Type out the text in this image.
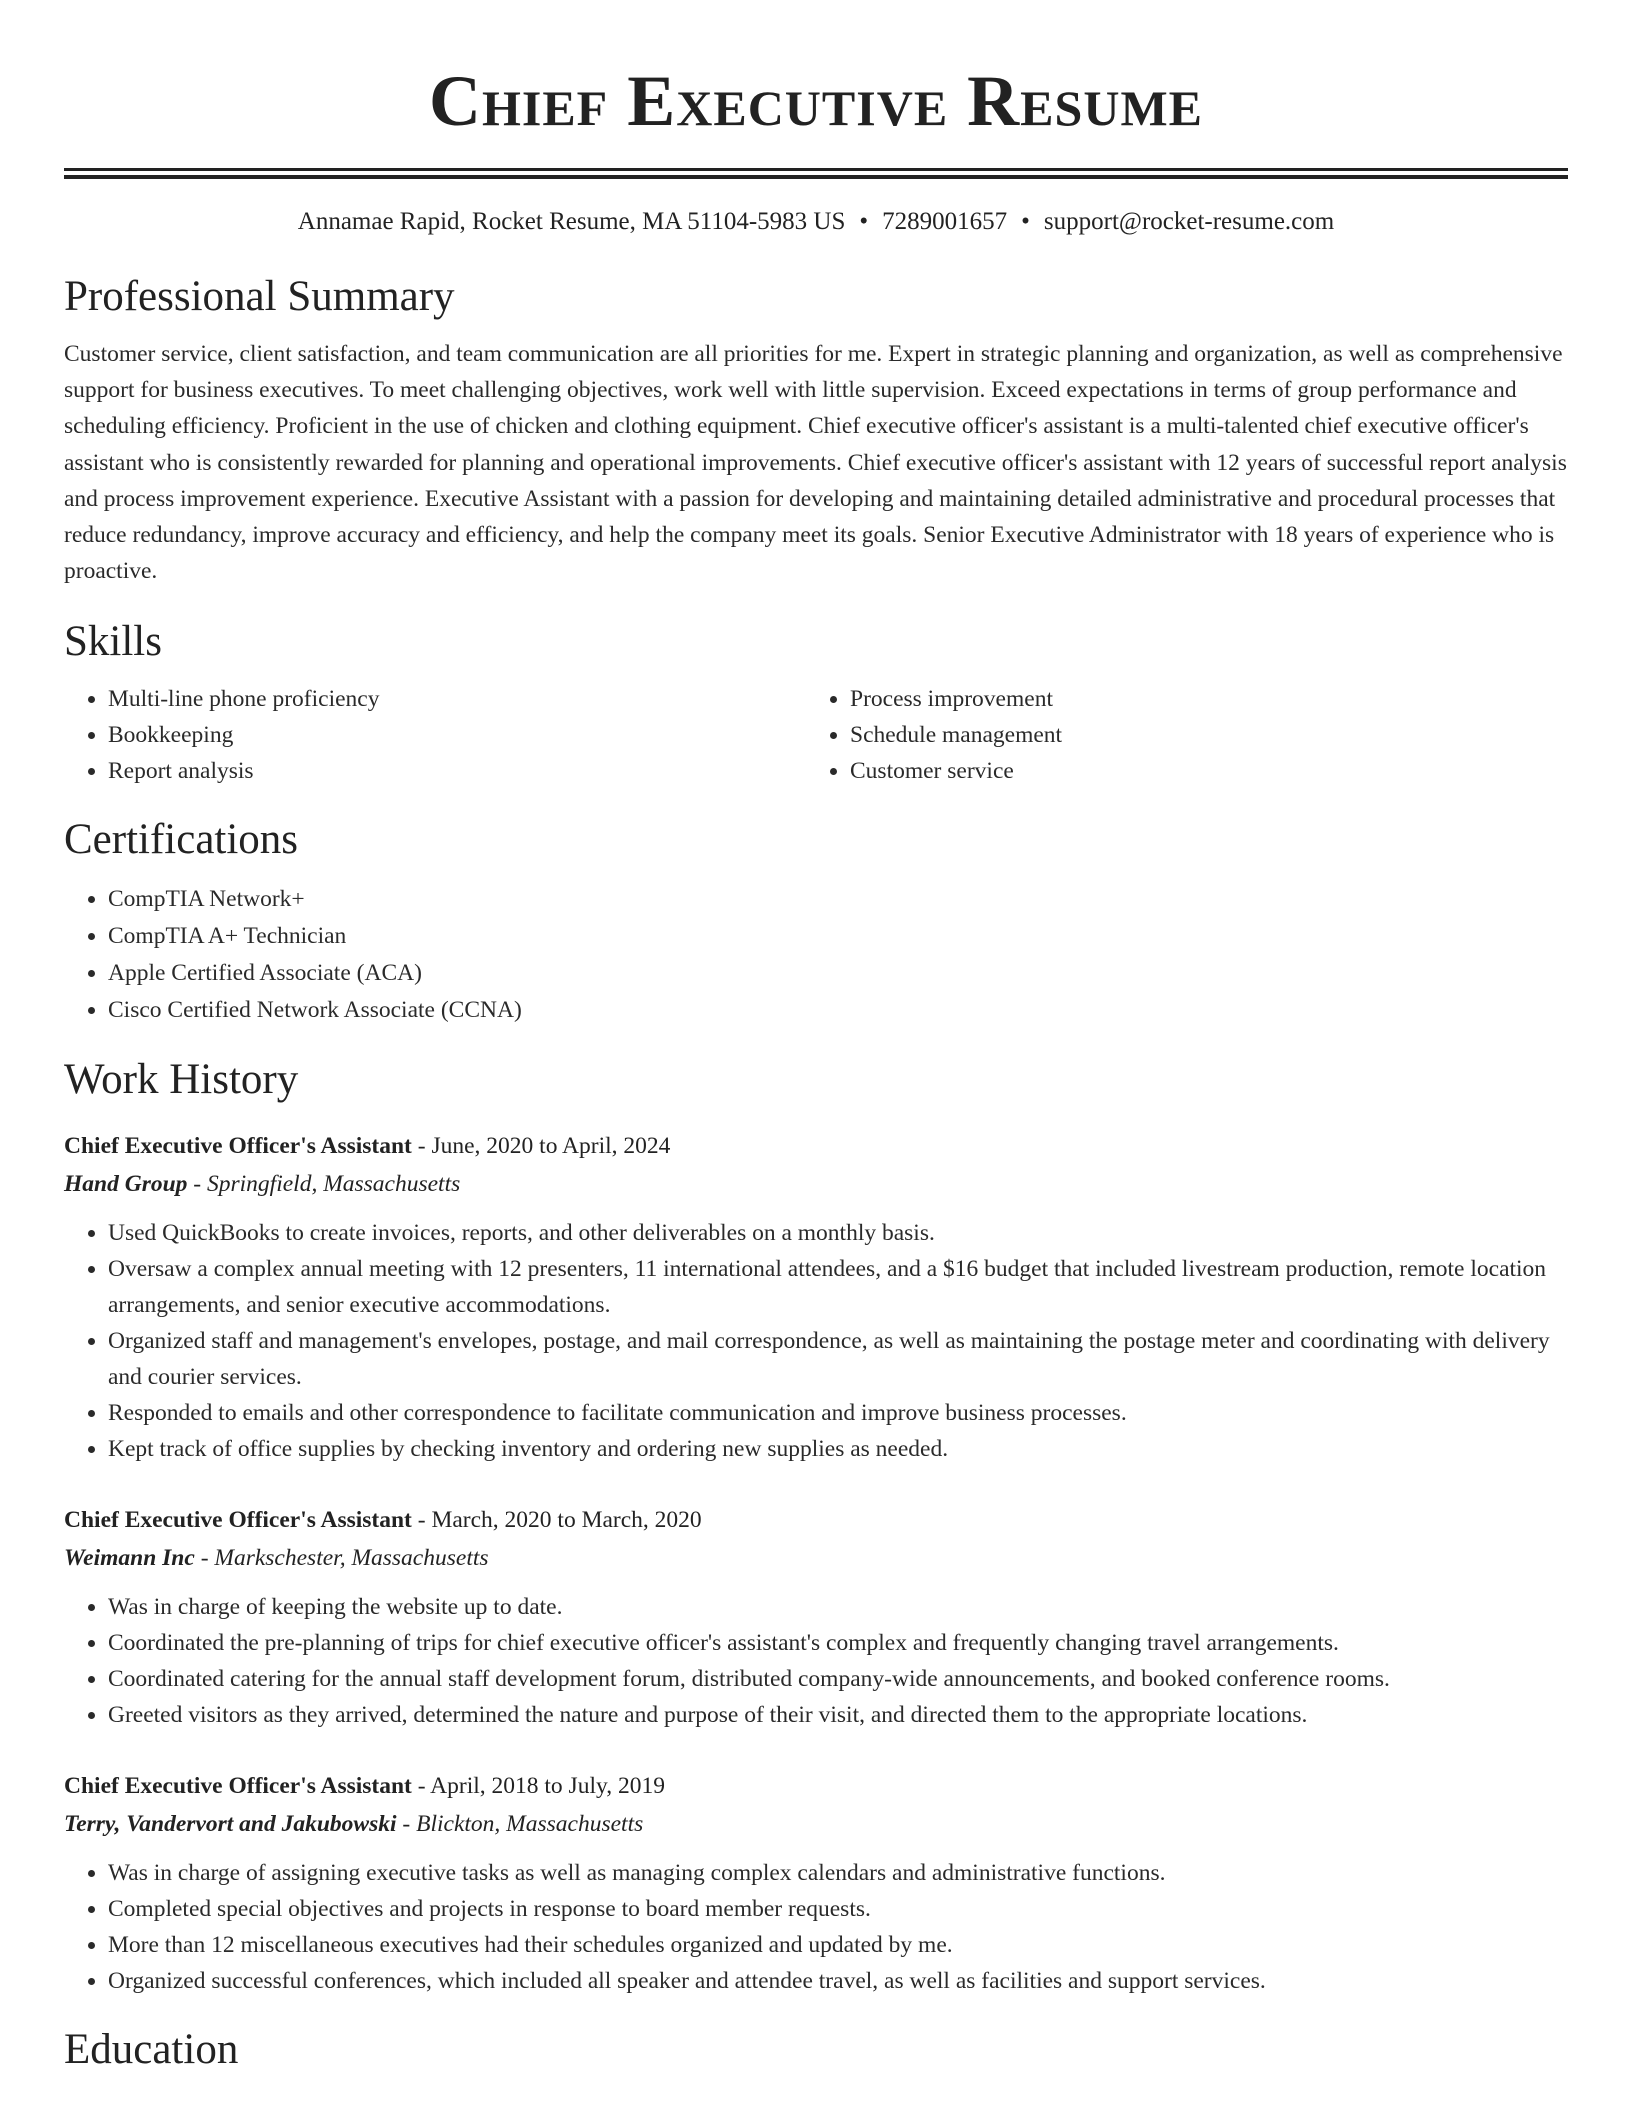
Chief Executive Resume
Annamae Rapid, Rocket Resume, MA 51104-5983 US • 7289001657 • support@rocket-resume.com
Professional Summary

Customer service, client satisfaction, and team communication are all priorities for me. Expert in strategic planning and organization, as well as comprehensive support for business executives. To meet challenging objectives, work well with little supervision. Exceed expectations in terms of group performance and scheduling efficiency. Proficient in the use of chicken and clothing equipment. Chief executive officer's assistant is a multi-talented chief executive officer's assistant who is consistently rewarded for planning and operational improvements. Chief executive officer's assistant with 12 years of successful report analysis and process improvement experience. Executive Assistant with a passion for developing and maintaining detailed administrative and procedural processes that reduce redundancy, improve accuracy and efficiency, and help the company meet its goals. Senior Executive Administrator with 18 years of experience who is proactive.

Skills
• Multi-line phone proficiency
• Bookkeeping
• Report analysis
• Process improvement
• Schedule management
• Customer service
Certifications
• CompTIA Network+
• CompTIA A+ Technician
• Apple Certified Associate (ACA)
• Cisco Certified Network Associate (CCNA)
Work History
Chief Executive Officer's Assistant - June, 2020 to April, 2024
Hand Group - Springfield, Massachusetts
• Used QuickBooks to create invoices, reports, and other deliverables on a monthly basis.
• Oversaw a complex annual meeting with 12 presenters, 11 international attendees, and a $16 budget that included livestream production, remote location arrangements, and senior executive accommodations.
• Organized staff and management's envelopes, postage, and mail correspondence, as well as maintaining the postage meter and coordinating with delivery and courier services.
• Responded to emails and other correspondence to facilitate communication and improve business processes.
• Kept track of office supplies by checking inventory and ordering new supplies as needed.
Chief Executive Officer's Assistant - March, 2020 to March, 2020
Weimann Inc - Markschester, Massachusetts
• Was in charge of keeping the website up to date.
• Coordinated the pre-planning of trips for chief executive officer's assistant's complex and frequently changing travel arrangements.
• Coordinated catering for the annual staff development forum, distributed company-wide announcements, and booked conference rooms.
• Greeted visitors as they arrived, determined the nature and purpose of their visit, and directed them to the appropriate locations.
Chief Executive Officer's Assistant - April, 2018 to July, 2019
Terry, Vandervort and Jakubowski - Blickton, Massachusetts
• Was in charge of assigning executive tasks as well as managing complex calendars and administrative functions.
• Completed special objectives and projects in response to board member requests.
• More than 12 miscellaneous executives had their schedules organized and updated by me.
• Organized successful conferences, which included all speaker and attendee travel, as well as facilities and support services.
Education
